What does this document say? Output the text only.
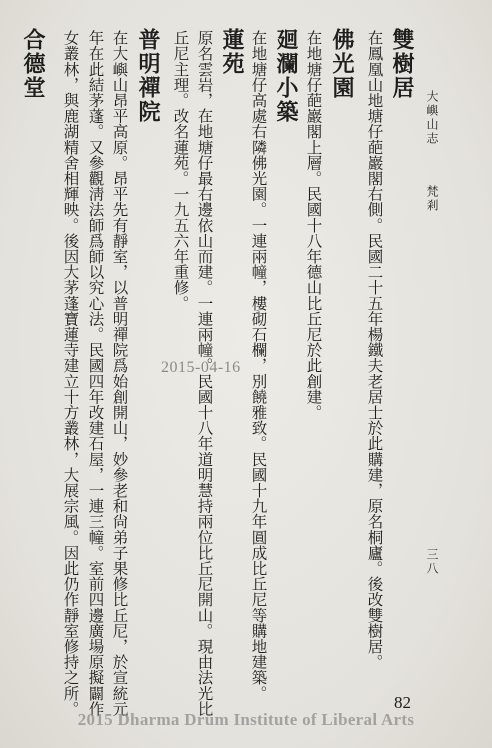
大嶼山志
梵剎
三八
雙樹居
在鳳凰山地塘仔葩巖閣右側。民國二十五年楊鐵夫老居士於此購建，原名桐廬。後改雙樹居。
佛光園
在地塘仔葩巖閣上層。民國十八年德山比丘尼於此創建。
廻瀾小築
在地塘仔高處右隣佛光園。一連兩幢，樓砌石欄，別饒雅致。民國十九年圓成比丘尼等購地建築。
蓮苑
原名雲岩，在地塘仔最右邊依山而建。一連兩幢。民國十八年道明慧持兩位比丘尼開山。現由法光比
丘尼主理。改名蓮苑。一九五六年重修。
普明禪院
在大嶼山昂平高原。昂平先有靜室，以普明禪院爲始創開山，妙參老和尙弟子果修比丘尼，於宣統元
年在此結茅蓬。又參觀淸法師爲師以究心法。民國四年改建石屋，一連三幢。室前四邊廣場原擬闢作
女叢林，與鹿湖精舍相輝映。後因大茅蓬寶蓮寺建立十方叢林，大展宗風。因此仍作靜室修持之所。
合德堂
82
2015-04-16
2015 Dharma Drum Institute of Liberal Arts
